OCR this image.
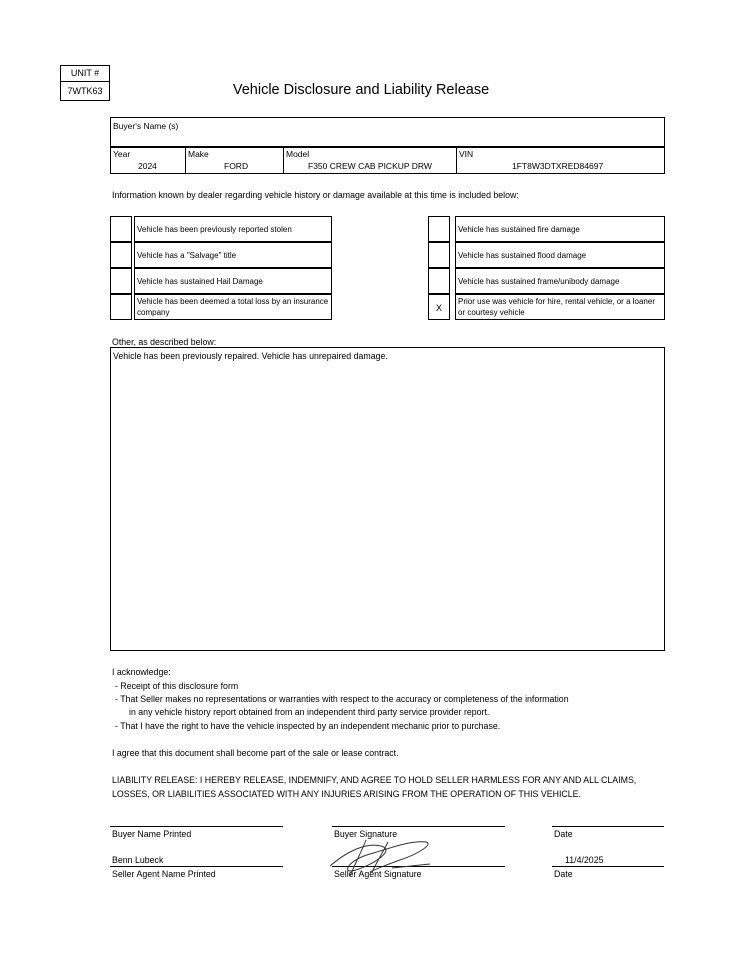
UNIT #
7WTK63	Vehicle Disclosure and Liability Release
Buyer's Name (s)
Year
2024
Make
FORD
Model
F350 CREW CAB PICKUP DRW
VIN
1FT8W3DTXRED84697
Information known by dealer regarding vehicle history or damage available at this time is included below:
Vehicle has been previously reported stolen
Vehicle has a "Salvage" title
Vehicle has sustained Hail Damage
Vehicle has been deemed a total loss by an insurance company
Vehicle has sustained fire damage
Vehicle has sustained flood damage
Vehicle has sustained frame/unibody damage
X
Prior use was vehicle for hire, rental vehicle, or a loaner or courtesy vehicle
Other, as described below:
Vehicle has been previously repaired. Vehicle has unrepaired damage.
I acknowledge:
- Receipt of this disclosure form
- That Seller makes no representations or warranties with respect to the accuracy or completeness of the information
in any vehicle history report obtained from an independent third party service provider report.
- That I have the right to have the vehicle inspected by an independent mechanic prior to purchase.
I agree that this document shall become part of the sale or lease contract.
LIABILITY RELEASE: I HEREBY RELEASE, INDEMNIFY, AND AGREE TO HOLD SELLER HARMLESS FOR ANY AND ALL CLAIMS,
LOSSES, OR LIABILITIES ASSOCIATED WITH ANY INJURIES ARISING FROM THE OPERATION OF THIS VEHICLE.
Buyer Name Printed	Buyer Signature	Date
Benn Lubeck	11/4/2025
Seller Agent Name Printed	Seller Agent Signature	Date
